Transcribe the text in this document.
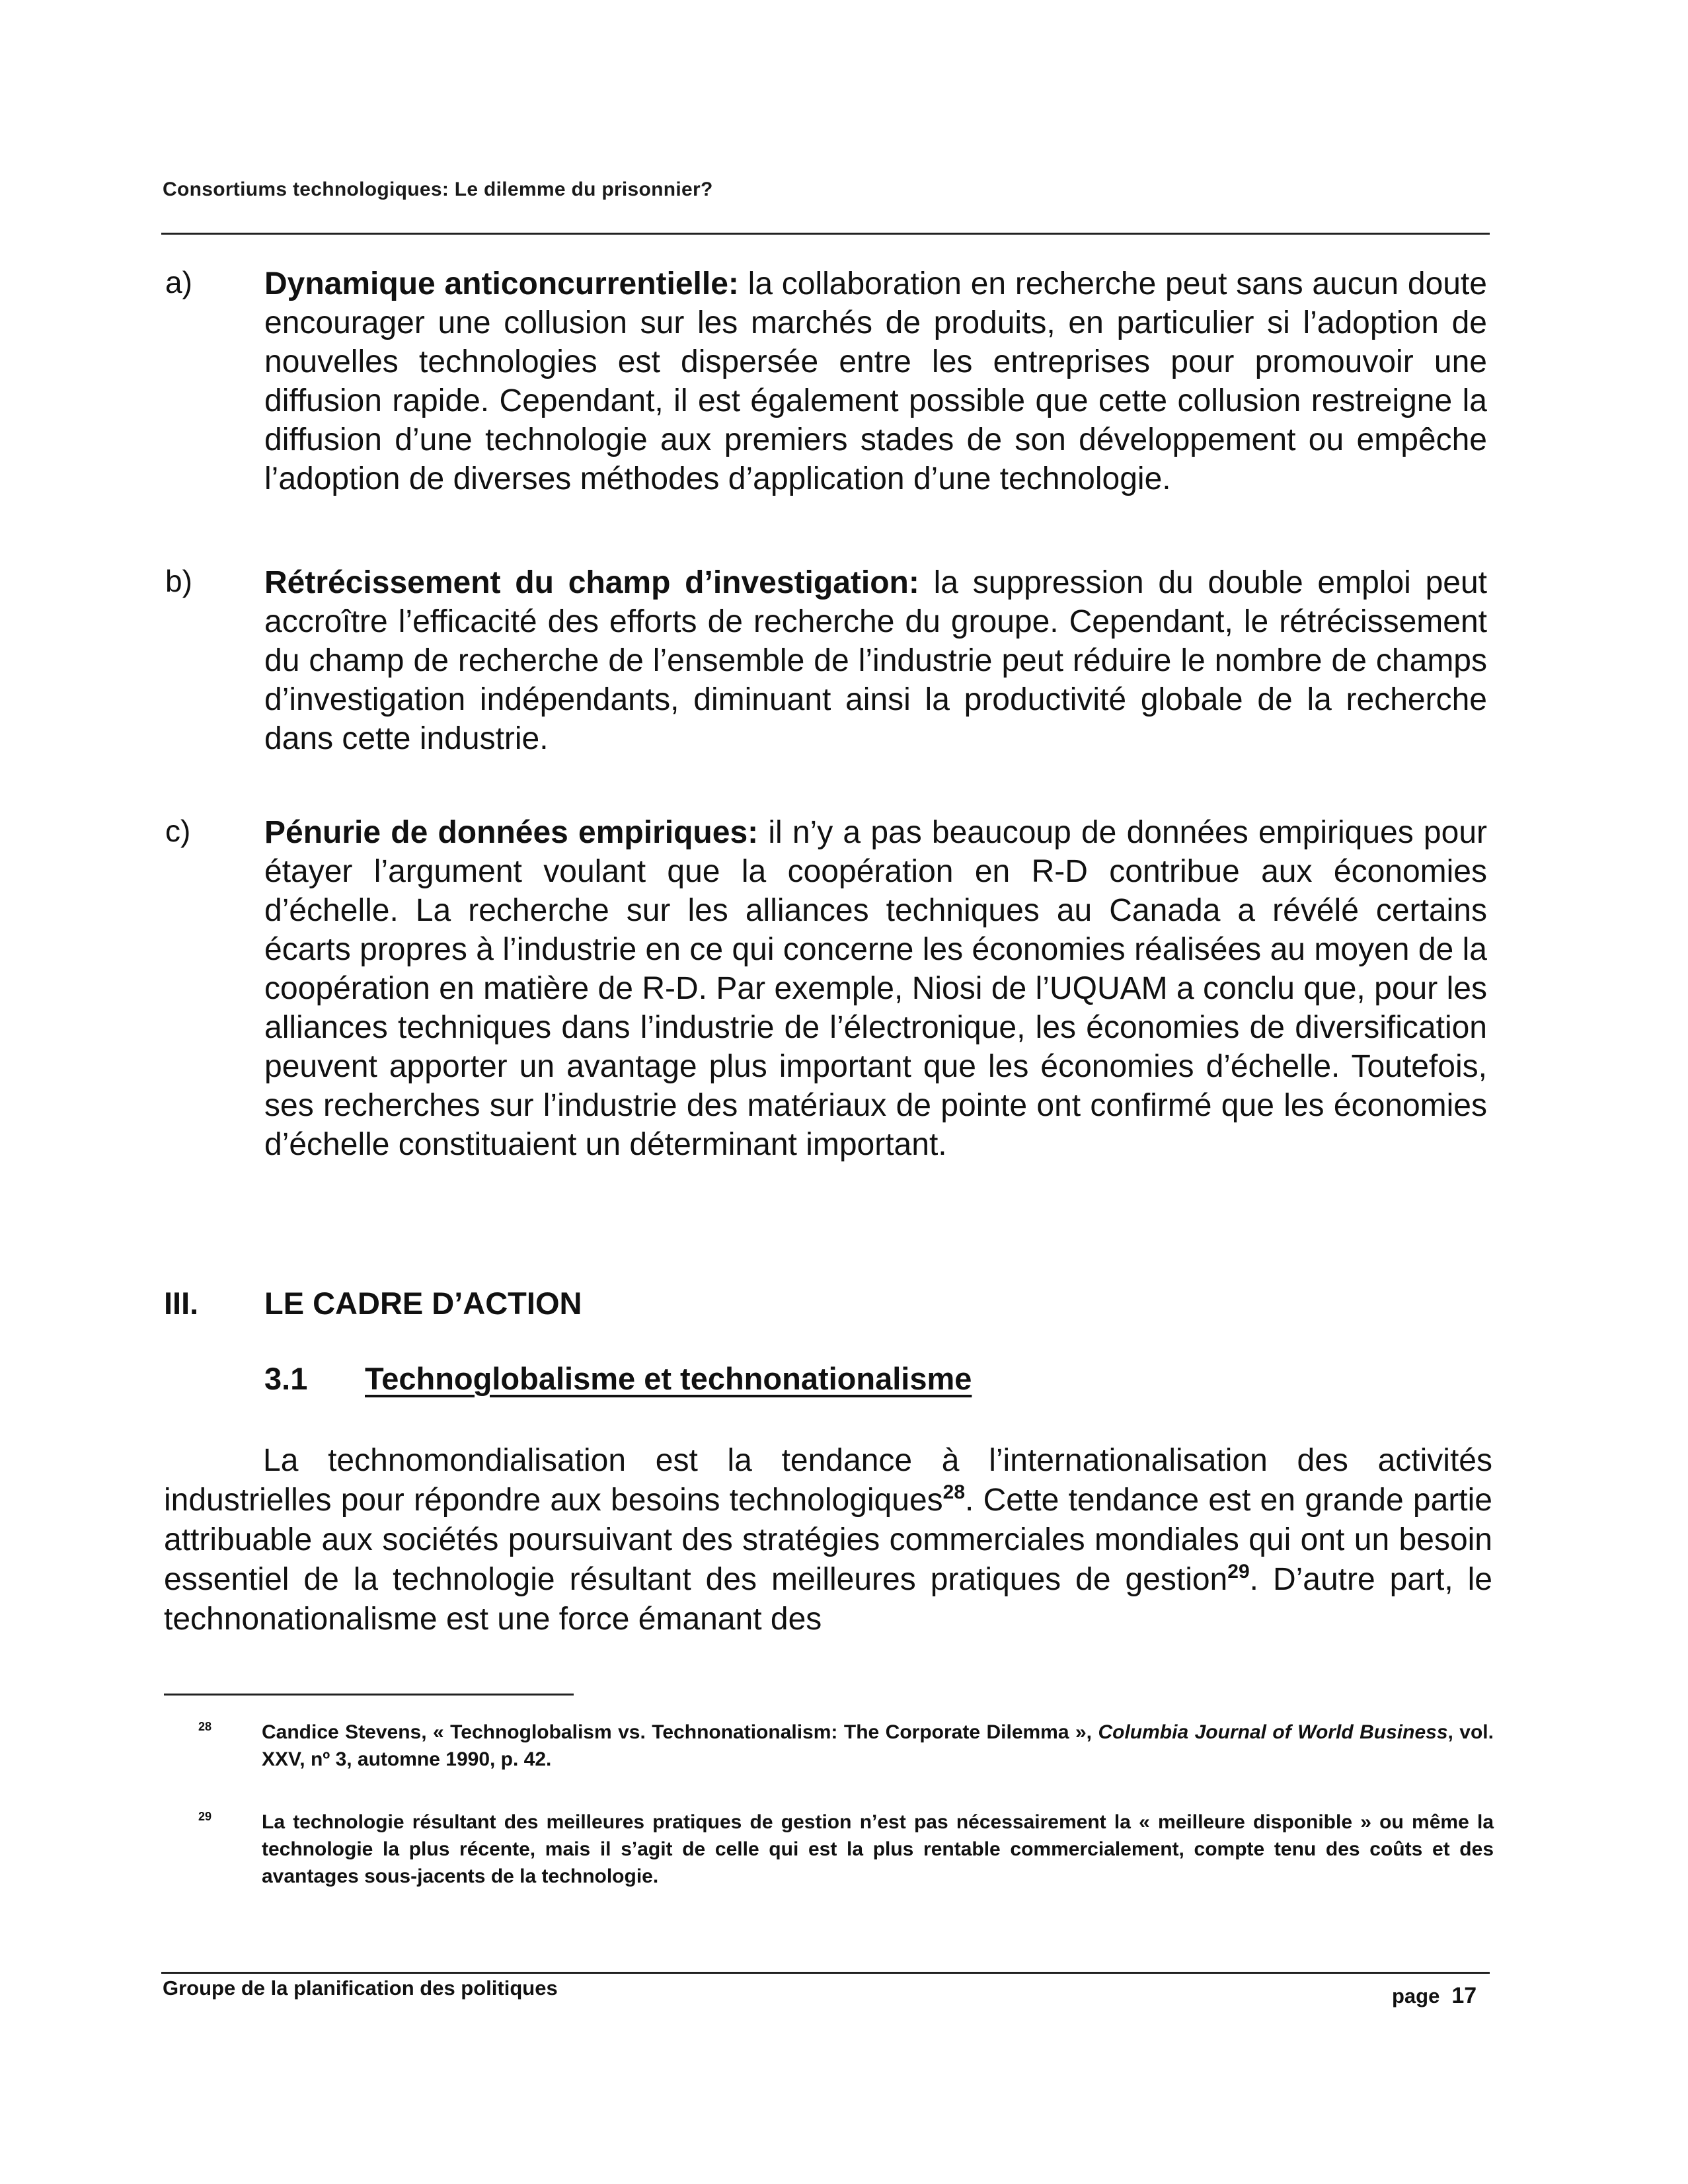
Consortiums technologiques: Le dilemme du prisonnier?
a) Dynamique anticoncurrentielle: la collaboration en recherche peut sans aucun doute encourager une collusion sur les marchés de produits, en particulier si l’adoption de nouvelles technologies est dispersée entre les entreprises pour promouvoir une diffusion rapide. Cependant, il est également possible que cette collusion restreigne la diffusion d’une technologie aux premiers stades de son développement ou empêche l’adoption de diverses méthodes d’application d’une technologie.
b) Rétrécissement du champ d’investigation: la suppression du double emploi peut accroître l’efficacité des efforts de recherche du groupe. Cependant, le rétrécissement du champ de recherche de l’ensemble de l’industrie peut réduire le nombre de champs d’investigation indépendants, diminuant ainsi la productivité globale de la recherche dans cette industrie.
c) Pénurie de données empiriques: il n’y a pas beaucoup de données empiriques pour étayer l’argument voulant que la coopération en R-D contribue aux économies d’échelle. La recherche sur les alliances techniques au Canada a révélé certains écarts propres à l’industrie en ce qui concerne les économies réalisées au moyen de la coopération en matière de R-D. Par exemple, Niosi de l’UQUAM a conclu que, pour les alliances techniques dans l’industrie de l’électronique, les économies de diversification peuvent apporter un avantage plus important que les économies d’échelle. Toutefois, ses recherches sur l’industrie des matériaux de pointe ont confirmé que les économies d’échelle constituaient un déterminant important.
III. LE CADRE D’ACTION
3.1 Technoglobalisme et technonationalisme
La technomondialisation est la tendance à l’internationalisation des activités industrielles pour répondre aux besoins technologiques$^{28}$. Cette tendance est en grande partie attribuable aux sociétés poursuivant des stratégies commerciales mondiales qui ont un besoin essentiel de la technologie résultant des meilleures pratiques de gestion$^{29}$. D’autre part, le technonationalisme est une force émanant des
28	Candice Stevens, « Technoglobalism vs. Technonationalism: The Corporate Dilemma », Columbia Journal of World Business, vol. XXV, nº 3, automne 1990, p. 42.
29	La technologie résultant des meilleures pratiques de gestion n’est pas nécessairement la « meilleure disponible » ou même la technologie la plus récente, mais il s’agit de celle qui est la plus rentable commercialement, compte tenu des coûts et des avantages sous-jacents de la technologie.
Groupe de la planification des politiques	page 17
